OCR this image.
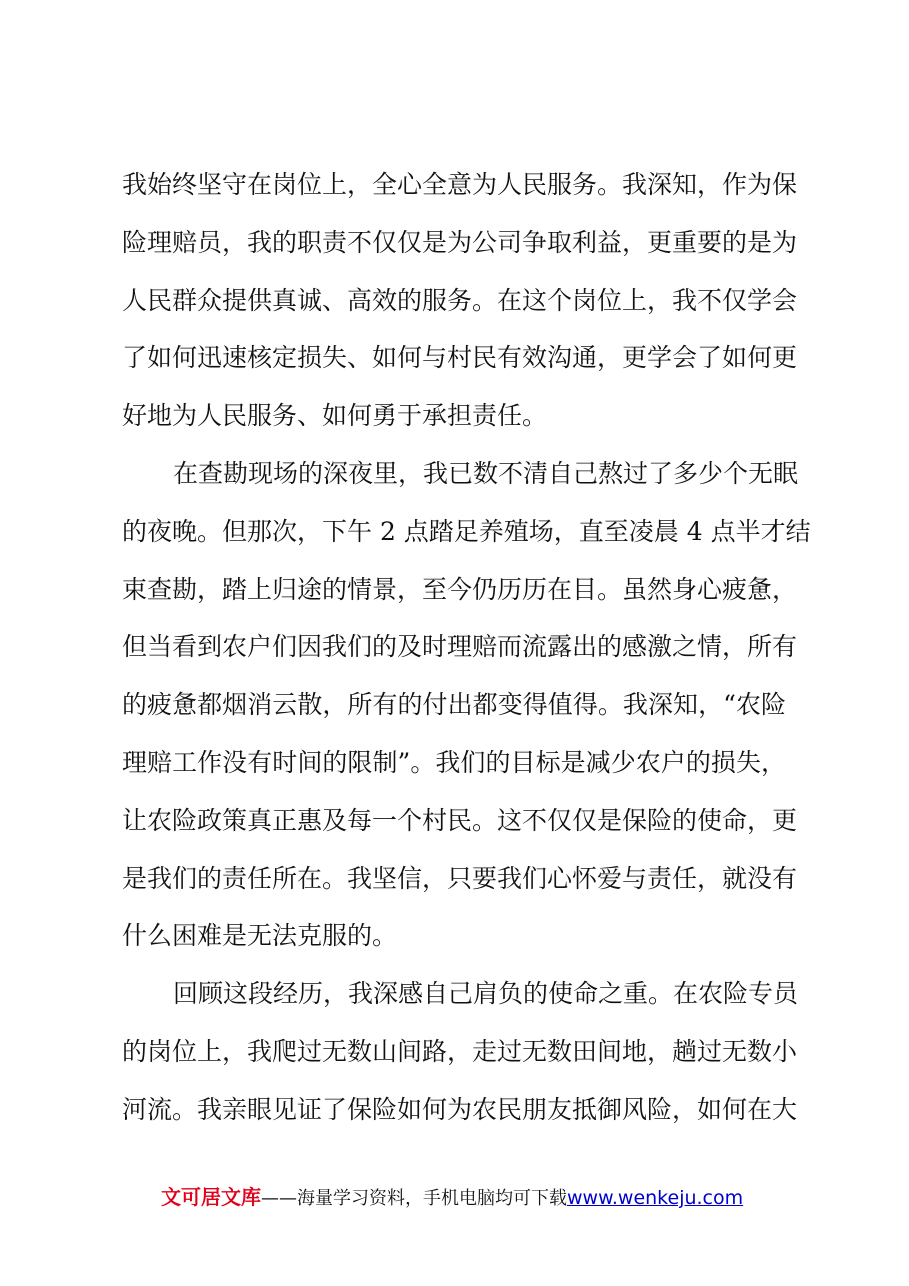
我始终坚守在岗位上，全心全意为人民服务。我深知，作为保
险理赔员，我的职责不仅仅是为公司争取利益，更重要的是为
人民群众提供真诚、高效的服务。在这个岗位上，我不仅学会
了如何迅速核定损失、如何与村民有效沟通，更学会了如何更
好地为人民服务、如何勇于承担责任。
在查勘现场的深夜里，我已数不清自己熬过了多少个无眠
的夜晚。但那次，下午 2 点踏足养殖场，直至凌晨 4 点半才结
束查勘，踏上归途的情景，至今仍历历在目。虽然身心疲惫，
但当看到农户们因我们的及时理赔而流露出的感激之情，所有
的疲惫都烟消云散，所有的付出都变得值得。我深知，“农险
理赔工作没有时间的限制”。我们的目标是减少农户的损失，
让农险政策真正惠及每一个村民。这不仅仅是保险的使命，更
是我们的责任所在。我坚信，只要我们心怀爱与责任，就没有
什么困难是无法克服的。
回顾这段经历，我深感自己肩负的使命之重。在农险专员
的岗位上，我爬过无数山间路，走过无数田间地，趟过无数小
河流。我亲眼见证了保险如何为农民朋友抵御风险，如何在大
文可居文库——海量学习资料，手机电脑均可下载www.wenkeju.com
